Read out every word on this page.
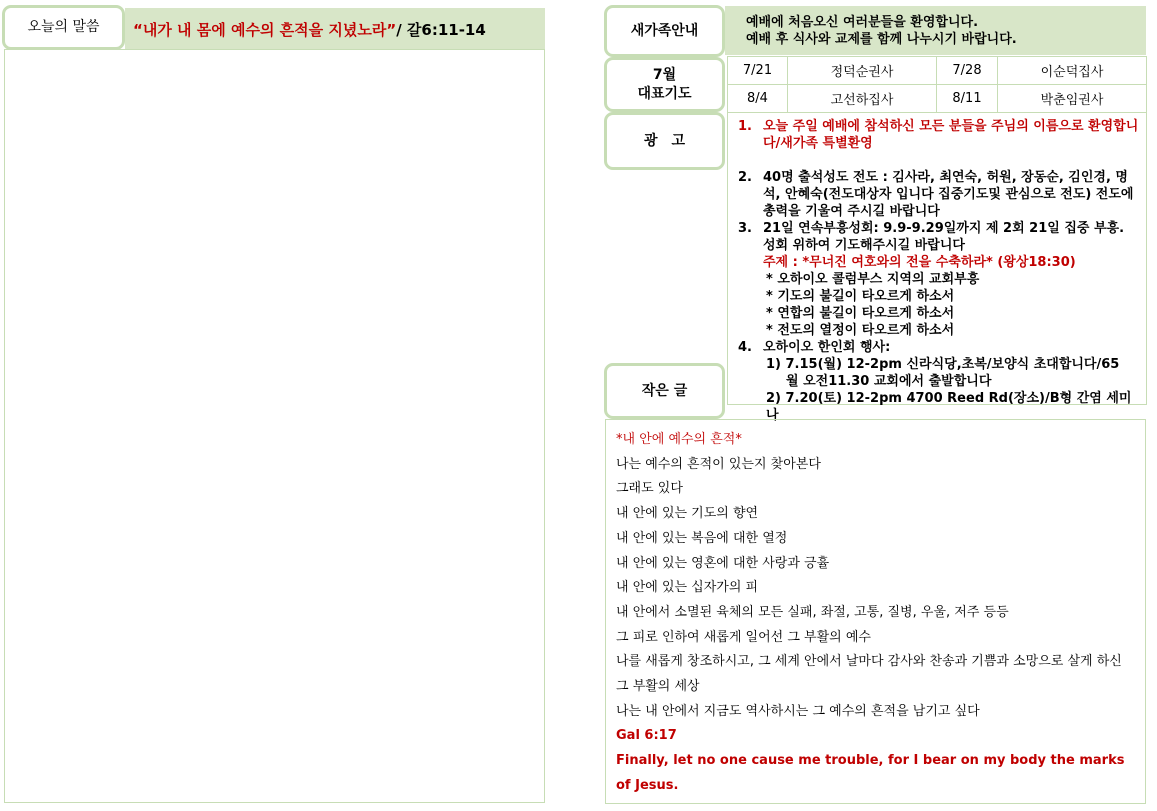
“내가 내 몸에 예수의 흔적을 지녔노라” / 갈6:11-14
오늘의 말씀	예배에 처음오신 여러분들을 환영합니다.
예배 후 식사와 교제를 함께 나누시기 바랍니다.
새가족안내
7/21	정덕순권사	7/28	이순덕집사
8/4	고선하집사	8/11	박춘임권사
7월
대표기도
1. 오늘 주일 예배에 참석하신 모든 분들을 주님의 이름으로 환영합니다/새가족 특별환영
2. 40명 출석성도 전도 : 김사라, 최연숙, 허원, 장동순, 김인경, 명석, 안혜숙(전도대상자 입니다 집중기도및 관심으로 전도) 전도에 총력을 기울여 주시길 바랍니다
3. 21일 연속부흥성회: 9.9-9.29일까지 제 2회 21일 집중 부흥. 성회 위하여 기도해주시길 바랍니다
주제 : *무너진 여호와의 전을 수축하라* (왕상18:30)
* 오하이오 콜럼부스 지역의 교회부흥
* 기도의 불길이 타오르게 하소서
* 연합의 불길이 타오르게 하소서
* 전도의 열정이 타오르게 하소서
4. 오하이오 한인회 행사:
1) 7.15(월) 12-2pm 신라식당,초복/보양식 초대합니다/65
월 오전11.30 교회에서 출발합니다
2) 7.20(토) 12-2pm 4700 Reed Rd(장소)/B형 간염 세미나
광고
*내 안에 예수의 흔적*
나는 예수의 흔적이 있는지 찾아본다
그래도 있다
내 안에 있는 기도의 향연
내 안에 있는 복음에 대한 열정
내 안에 있는 영혼에 대한 사랑과 긍휼
내 안에 있는 십자가의 피
내 안에서 소멸된 육체의 모든 실패, 좌절, 고통, 질병, 우울, 저주 등등
그 피로 인하여 새롭게 일어선 그 부활의 예수
나를 새롭게 창조하시고, 그 세계 안에서 날마다 감사와 찬송과 기쁨과 소망으로 살게 하신 그 부활의 세상
나는 내 안에서 지금도 역사하시는 그 예수의 흔적을 남기고 싶다
Gal 6:17
Finally, let no one cause me trouble, for I bear on my body the marks of Jesus.
작은 글
